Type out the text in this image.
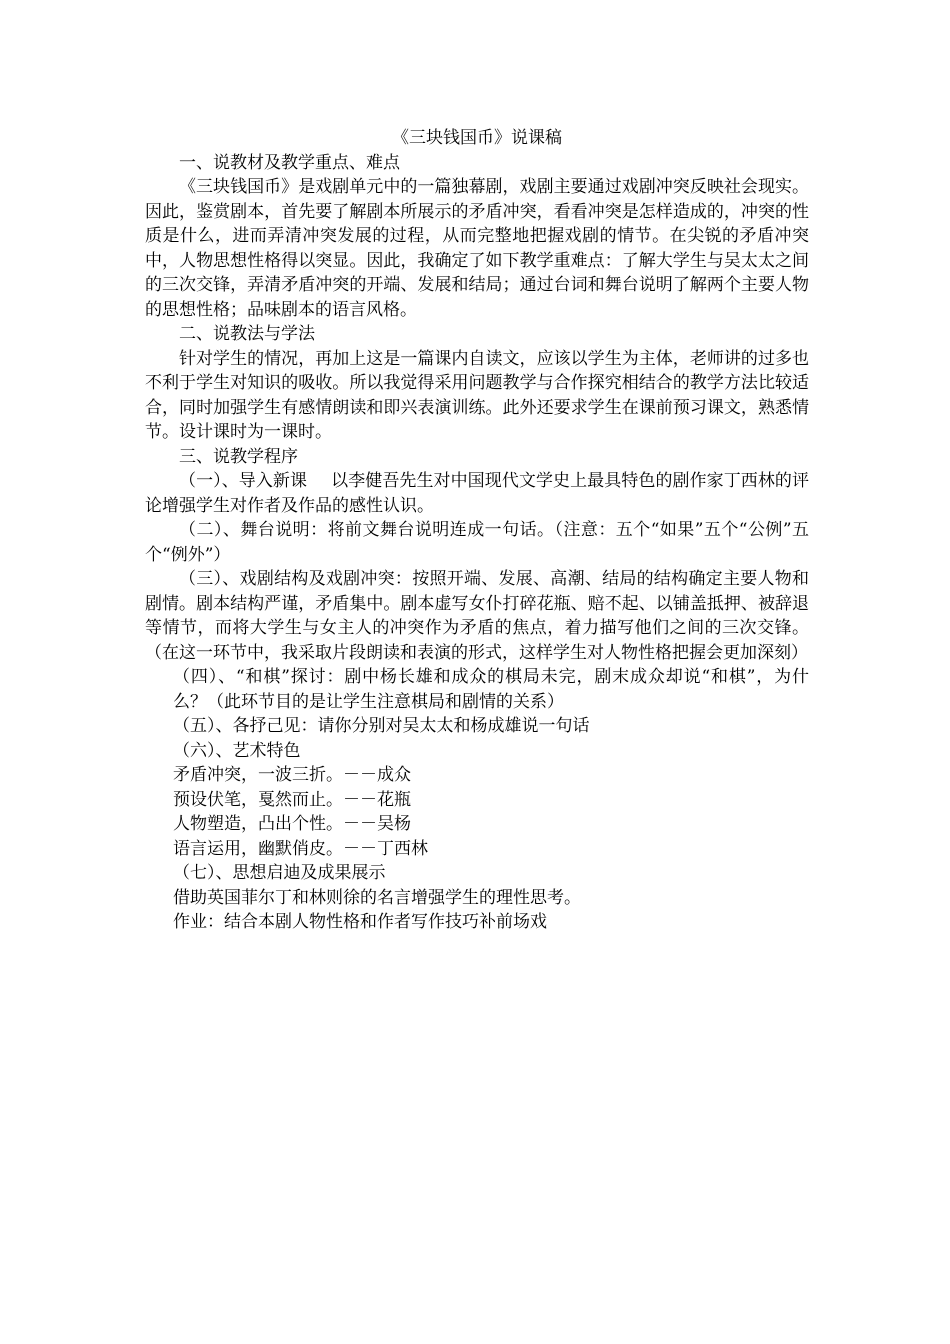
《三块钱国币》说课稿

一、说教材及教学重点、难点

《三块钱国币》是戏剧单元中的一篇独幕剧，戏剧主要通过戏剧冲突反映社会现实。因此，鉴赏剧本，首先要了解剧本所展示的矛盾冲突，看看冲突是怎样造成的，冲突的性质是什么，进而弄清冲突发展的过程，从而完整地把握戏剧的情节。在尖锐的矛盾冲突中，人物思想性格得以突显。因此，我确定了如下教学重难点：了解大学生与吴太太之间的三次交锋，弄清矛盾冲突的开端、发展和结局；通过台词和舞台说明了解两个主要人物的思想性格；品味剧本的语言风格。

二、说教法与学法

针对学生的情况，再加上这是一篇课内自读文，应该以学生为主体，老师讲的过多也不利于学生对知识的吸收。所以我觉得采用问题教学与合作探究相结合的教学方法比较适合，同时加强学生有感情朗读和即兴表演训练。此外还要求学生在课前预习课文，熟悉情节。设计课时为一课时。

三、说教学程序

（一）、导入新课 以李健吾先生对中国现代文学史上最具特色的剧作家丁西林的评论增强学生对作者及作品的感性认识。

（二）、舞台说明：将前文舞台说明连成一句话。（注意：五个“如果”五个“公例”五个“例外”）

（三）、戏剧结构及戏剧冲突：按照开端、发展、高潮、结局的结构确定主要人物和剧情。剧本结构严谨，矛盾集中。剧本虚写女仆打碎花瓶、赔不起、以铺盖抵押、被辞退等情节，而将大学生与女主人的冲突作为矛盾的焦点，着力描写他们之间的三次交锋。（在这一环节中，我采取片段朗读和表演的形式，这样学生对人物性格把握会更加深刻）

（四）、“和棋”探讨：剧中杨长雄和成众的棋局未完，剧末成众却说“和棋”，为什么？（此环节目的是让学生注意棋局和剧情的关系）

（五）、各抒己见：请你分别对吴太太和杨成雄说一句话

（六）、艺术特色

矛盾冲突，一波三折。－－成众

预设伏笔，戛然而止。－－花瓶

人物塑造，凸出个性。－－吴杨

语言运用，幽默俏皮。－－丁西林

（七）、思想启迪及成果展示

借助英国菲尔丁和林则徐的名言增强学生的理性思考。

作业：结合本剧人物性格和作者写作技巧补前场戏
